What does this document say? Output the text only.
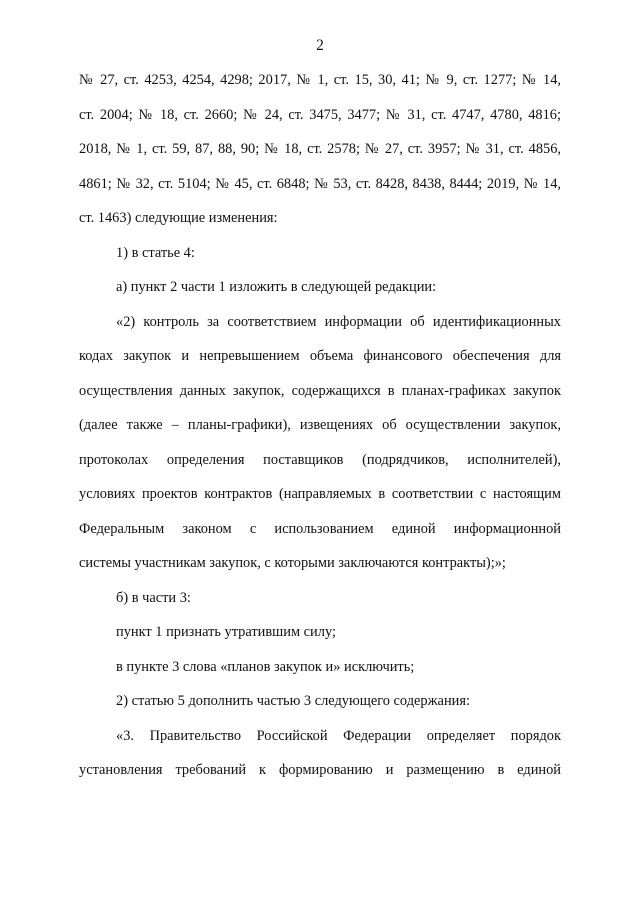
2
№ 27, ст. 4253, 4254, 4298; 2017, № 1, ст. 15, 30, 41; № 9, ст. 1277; № 14,
ст. 2004; № 18, ст. 2660; № 24, ст. 3475, 3477; № 31, ст. 4747, 4780, 4816;
2018, № 1, ст. 59, 87, 88, 90; № 18, ст. 2578; № 27, ст. 3957; № 31, ст. 4856,
4861; № 32, ст. 5104; № 45, ст. 6848; № 53, ст. 8428, 8438, 8444; 2019, № 14,
ст. 1463) следующие изменения:
1) в статье 4:
а) пункт 2 части 1 изложить в следующей редакции:
«2) контроль за соответствием информации об идентификационных
кодах закупок и непревышением объема финансового обеспечения для
осуществления данных закупок, содержащихся в планах-графиках закупок
(далее также – планы-графики), извещениях об осуществлении закупок,
протоколах определения поставщиков (подрядчиков, исполнителей),
условиях проектов контрактов (направляемых в соответствии с настоящим
Федеральным законом с использованием единой информационной
системы участникам закупок, с которыми заключаются контракты);»;
б) в части 3:
пункт 1 признать утратившим силу;
в пункте 3 слова «планов закупок и» исключить;
2) статью 5 дополнить частью 3 следующего содержания:
«3. Правительство Российской Федерации определяет порядок
установления требований к формированию и размещению в единой
